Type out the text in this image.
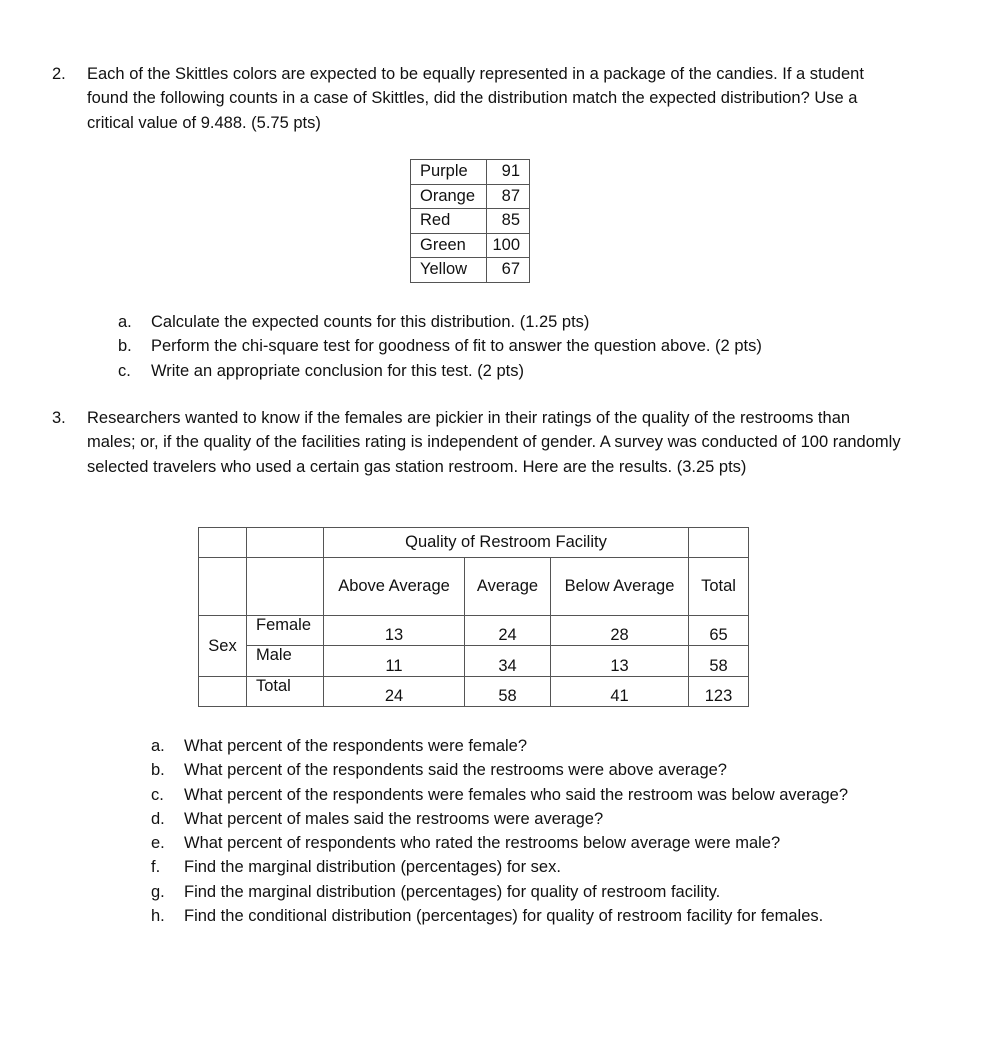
2. Each of the Skittles colors are expected to be equally represented in a package of the candies. If a student found the following counts in a case of Skittles, did the distribution match the expected distribution? Use a critical value of 9.488. (5.75 pts)
Purple	91
Orange	87
Red	85
Green	100
Yellow	67
a. Calculate the expected counts for this distribution. (1.25 pts)
b. Perform the chi-square test for goodness of fit to answer the question above. (2 pts)
c. Write an appropriate conclusion for this test. (2 pts)
3. Researchers wanted to know if the females are pickier in their ratings of the quality of the restrooms than males; or, if the quality of the facilities rating is independent of gender. A survey was conducted of 100 randomly selected travelers who used a certain gas station restroom. Here are the results. (3.25 pts)
		Quality of Restroom Facility			
		Above Average	Average	Below Average	Total
Sex	Female	13	24	28	65
	Male	11	34	13	58
	Total	24	58	41	123
a. What percent of the respondents were female?
b. What percent of the respondents said the restrooms were above average?
c. What percent of the respondents were females who said the restroom was below average?
d. What percent of males said the restrooms were average?
e. What percent of respondents who rated the restrooms below average were male?
f. Find the marginal distribution (percentages) for sex.
g. Find the marginal distribution (percentages) for quality of restroom facility.
h. Find the conditional distribution (percentages) for quality of restroom facility for females.
